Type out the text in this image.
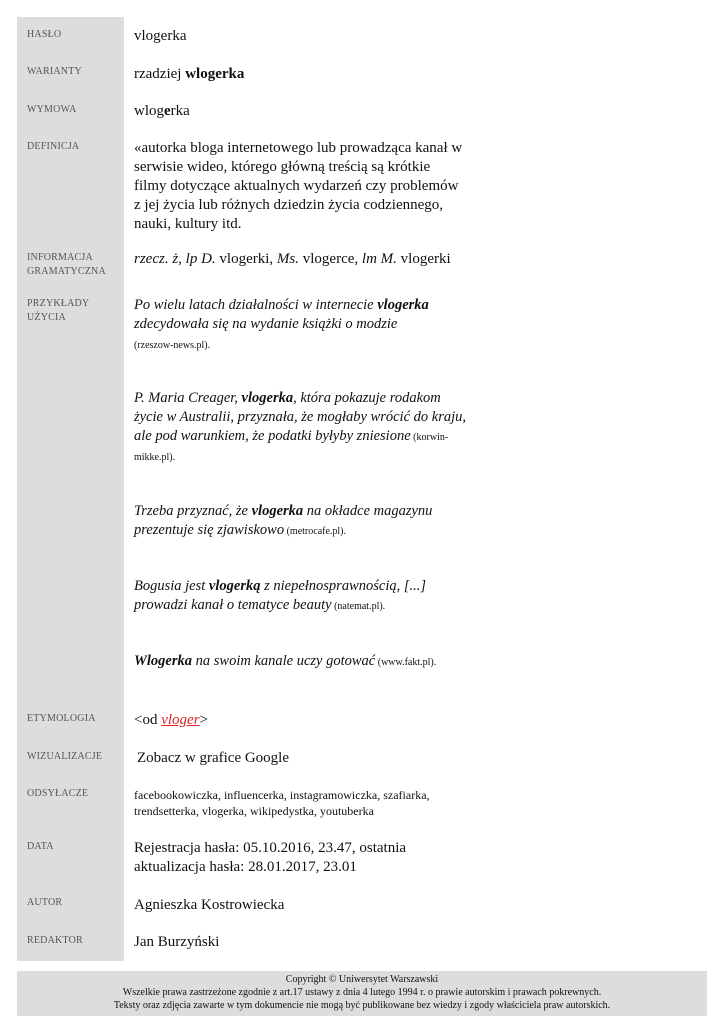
HASŁO
WARIANTY
WYMOWA
DEFINICJA
INFORMACJA
GRAMATYCZNA
PRZYKŁADY
UŻYCIA
ETYMOLOGIA
WIZUALIZACJE
ODSYŁACZE
DATA
AUTOR
REDAKTOR
vlogerka
rzadziej wlogerka
wlogerka
«autorka bloga internetowego lub prowadząca kanał w serwisie wideo, którego główną treścią są krótkie filmy dotyczące aktualnych wydarzeń czy problemów z jej życia lub różnych dziedzin życia codziennego, nauki, kultury itd.
rzecz. ż, lp D. vlogerki, Ms. vlogerce, lm M. vlogerki
Po wielu latach działalności w internecie vlogerka zdecydowała się na wydanie książki o modzie (rzeszow-news.pl).
P. Maria Creager, vlogerka, która pokazuje rodakom życie w Australii, przyznała, że mogłaby wrócić do kraju, ale pod warunkiem, że podatki byłyby zniesione (korwin-mikke.pl).
Trzeba przyznać, że vlogerka na okładce magazynu prezentuje się zjawiskowo (metrocafe.pl).
Bogusia jest vlogerką z niepełnosprawnością, [...] prowadzi kanał o tematyce beauty (natemat.pl).
Wlogerka na swoim kanale uczy gotować (www.fakt.pl).
<od vloger>
Zobacz w grafice Google
facebookowiczka, influencerka, instagramowiczka, szafiarka, trendsetterka, vlogerka, wikipedystka, youtuberka
Rejestracja hasła: 05.10.2016, 23.47, ostatnia aktualizacja hasła: 28.01.2017, 23.01
Agnieszka Kostrowiecka
Jan Burzyński
Copyright © Uniwersytet Warszawski
Wszelkie prawa zastrzeżone zgodnie z art.17 ustawy z dnia 4 lutego 1994 r. o prawie autorskim i prawach pokrewnych.
Teksty oraz zdjęcia zawarte w tym dokumencie nie mogą być publikowane bez wiedzy i zgody właściciela praw autorskich.
